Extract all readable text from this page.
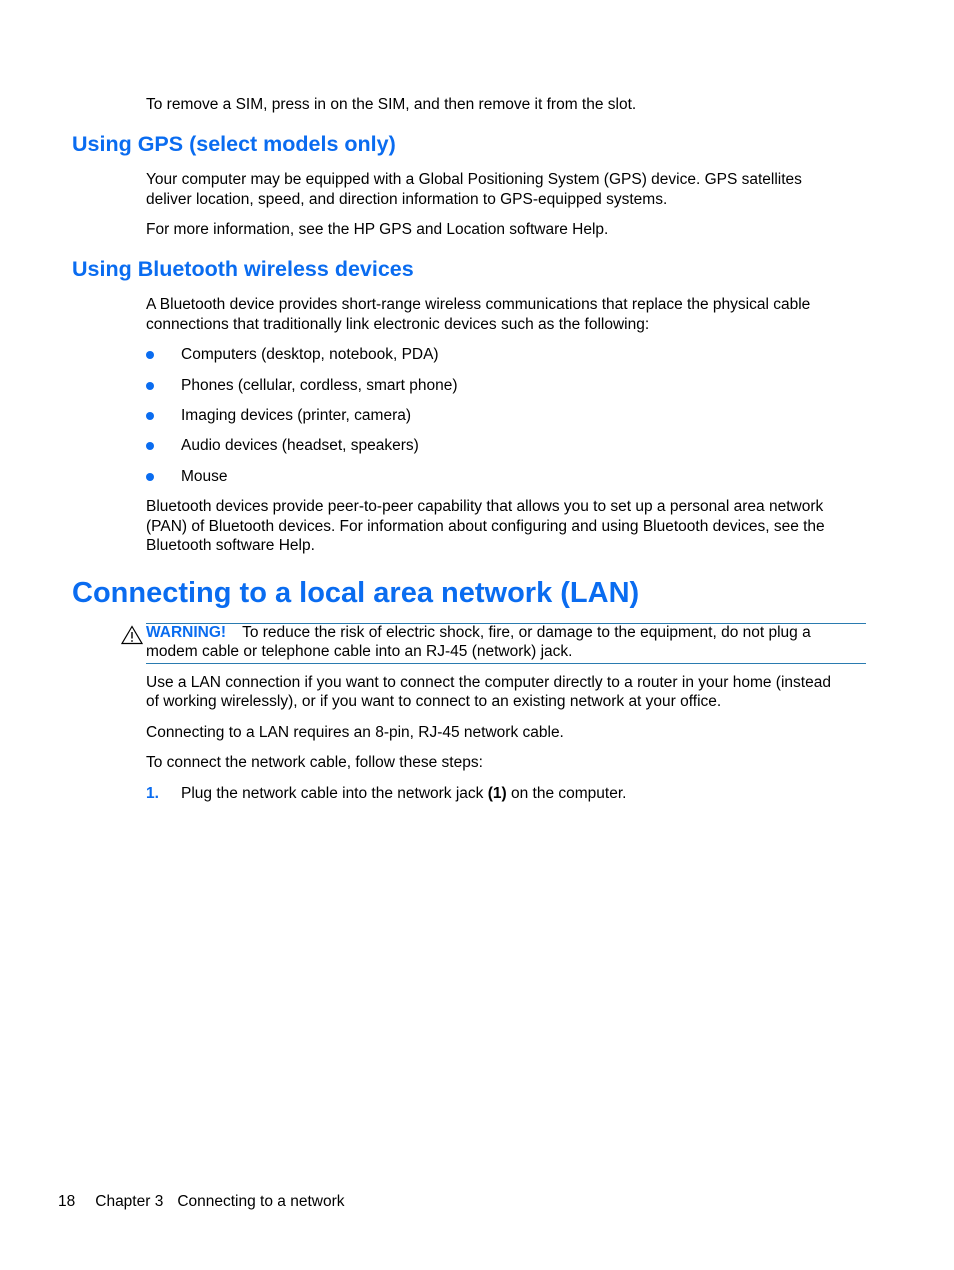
To remove a SIM, press in on the SIM, and then remove it from the slot.
Using GPS (select models only)
Your computer may be equipped with a Global Positioning System (GPS) device. GPS satellites
deliver location, speed, and direction information to GPS-equipped systems.
For more information, see the HP GPS and Location software Help.
Using Bluetooth wireless devices
A Bluetooth device provides short-range wireless communications that replace the physical cable
connections that traditionally link electronic devices such as the following:
Computers (desktop, notebook, PDA)
Phones (cellular, cordless, smart phone)
Imaging devices (printer, camera)
Audio devices (headset, speakers)
Mouse
Bluetooth devices provide peer-to-peer capability that allows you to set up a personal area network
(PAN) of Bluetooth devices. For information about configuring and using Bluetooth devices, see the
Bluetooth software Help.
Connecting to a local area network (LAN)
WARNING! To reduce the risk of electric shock, fire, or damage to the equipment, do not plug a
modem cable or telephone cable into an RJ-45 (network) jack.
Use a LAN connection if you want to connect the computer directly to a router in your home (instead
of working wirelessly), or if you want to connect to an existing network at your office.
Connecting to a LAN requires an 8-pin, RJ-45 network cable.
To connect the network cable, follow these steps:
1. Plug the network cable into the network jack (1) on the computer.
18 Chapter 3 Connecting to a network
